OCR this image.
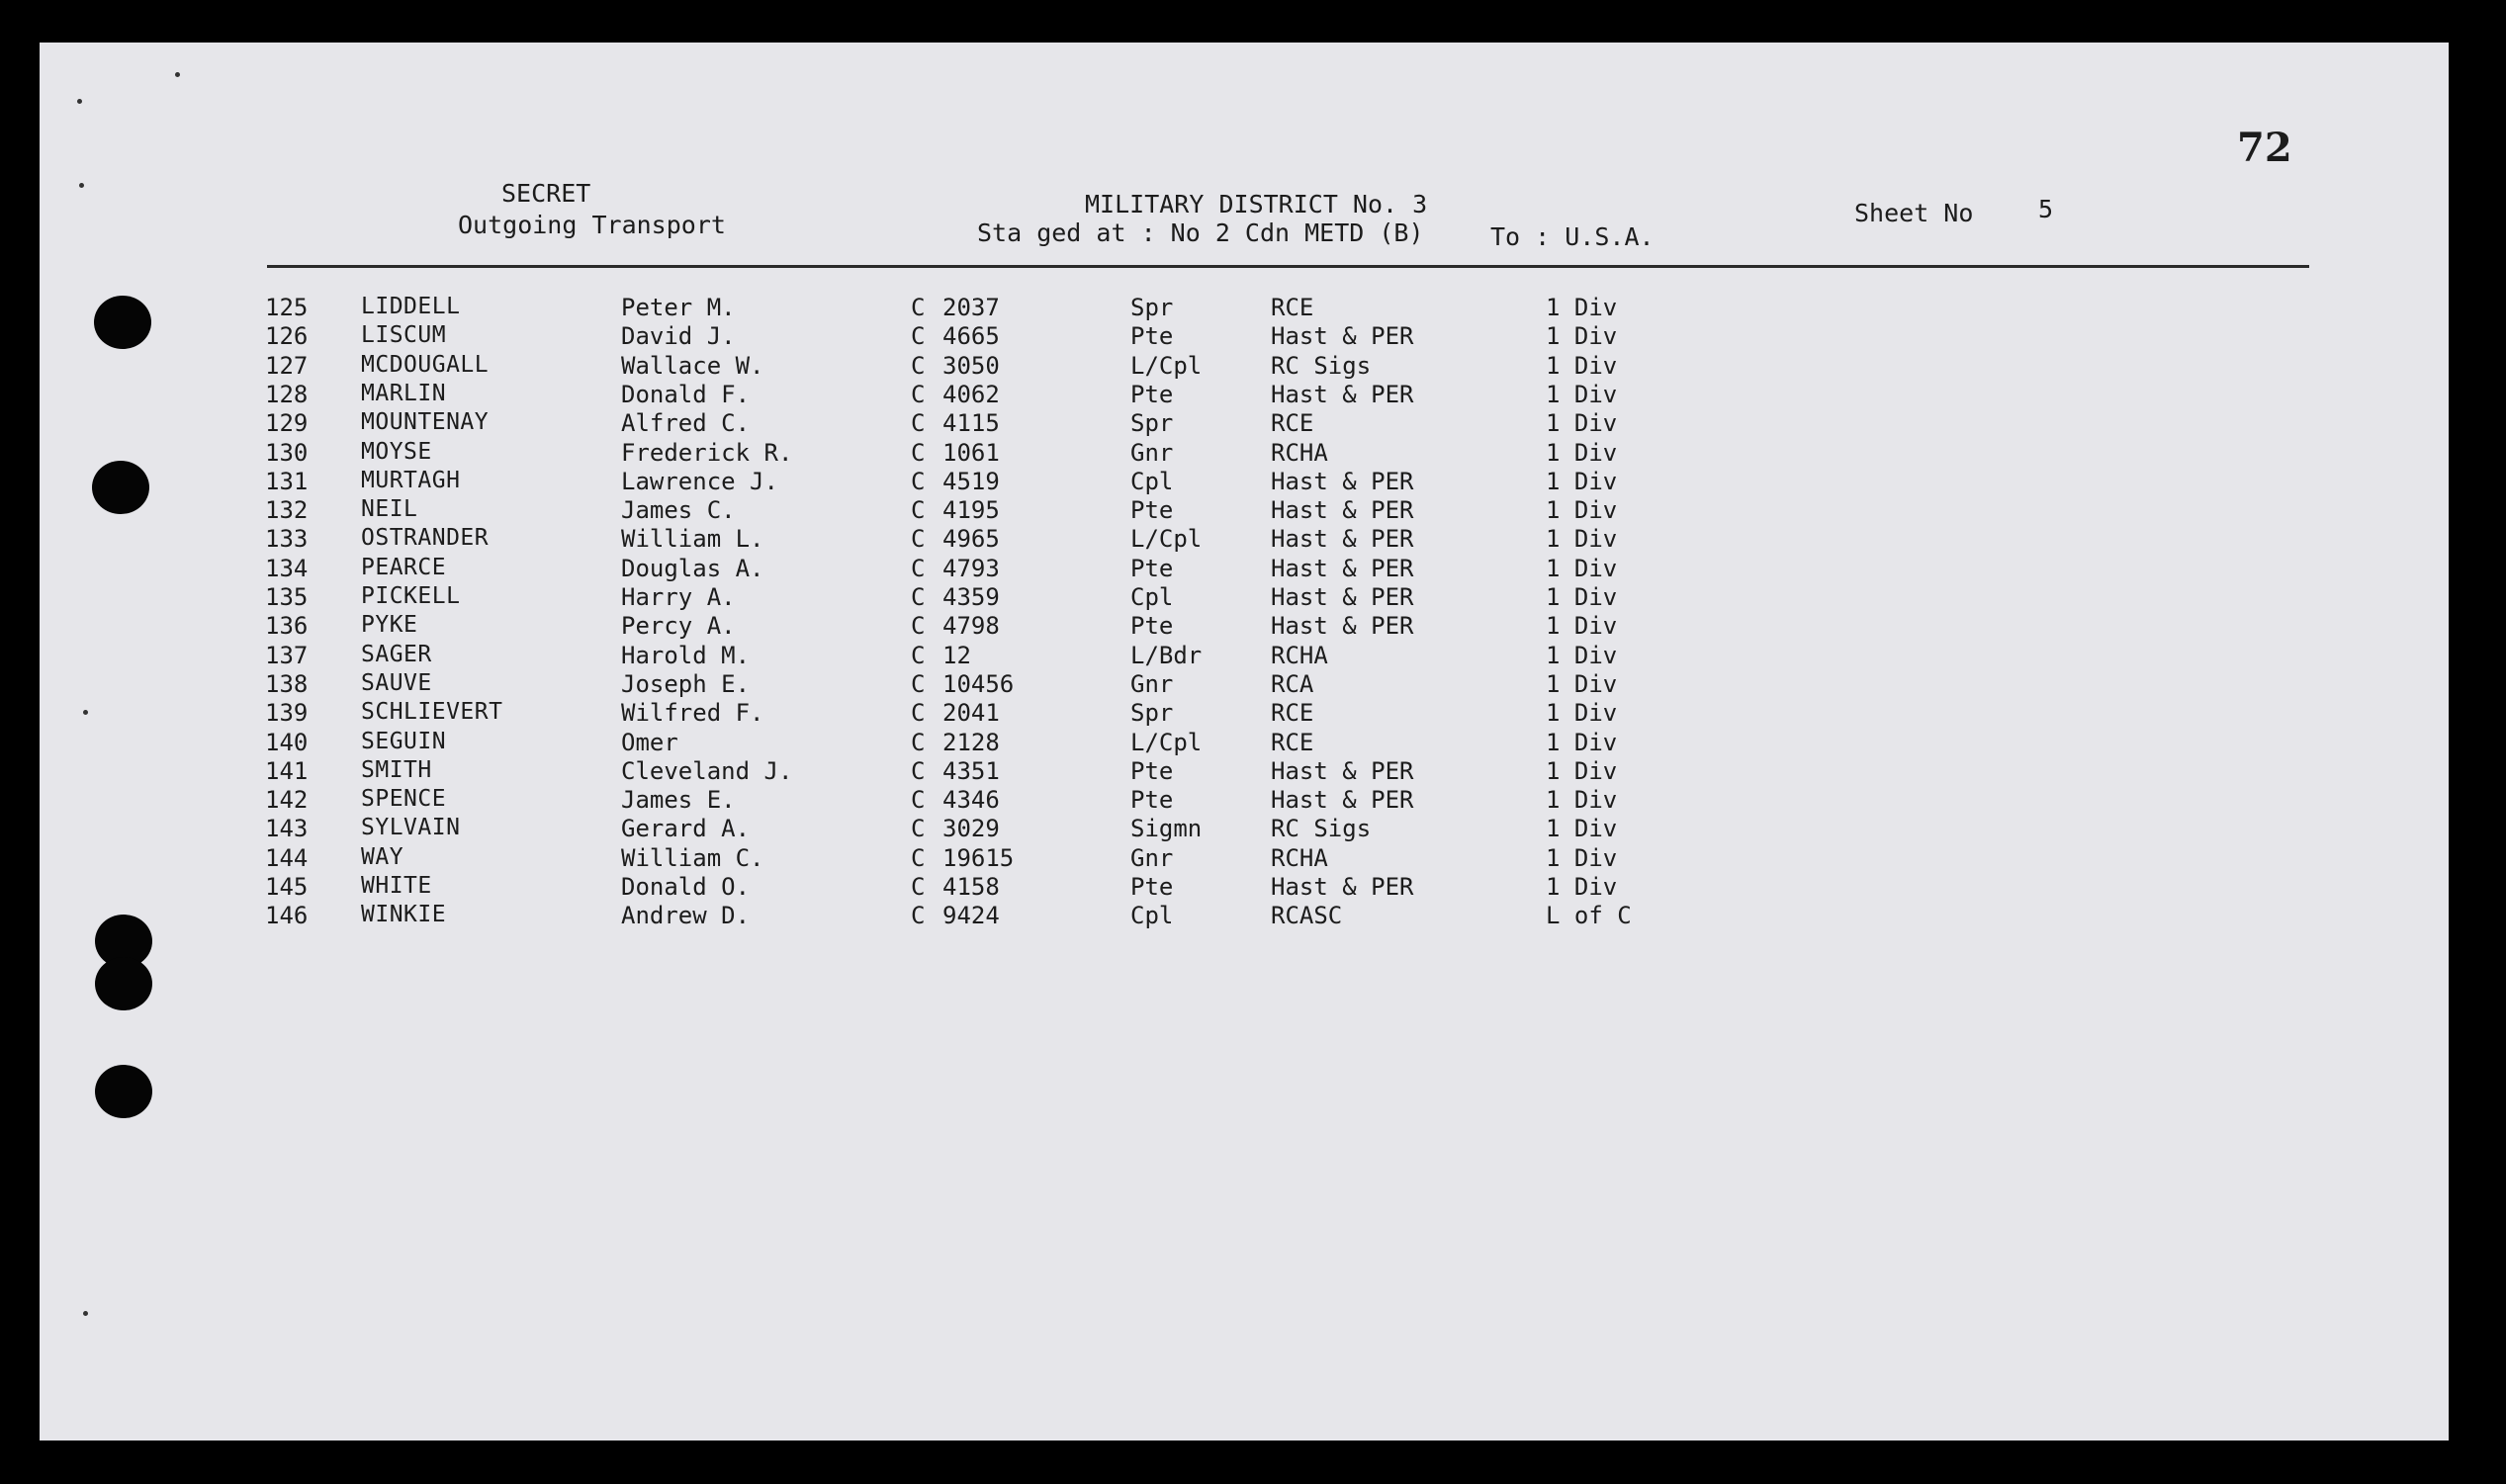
SECRET
Outgoing Transport
MILITARY DISTRICT No. 3
Sta ged at : No 2 Cdn METD (B)	To : U.S.A.
Sheet No	5
72
125 LIDDELL	Peter M.	C 2037	Spr	RCE	1 Div
126 LISCUM	David J.	C 4665	Pte	Hast & PER	1 Div
127 MCDOUGALL	Wallace W.	C 3050	L/Cpl	RC Sigs	1 Div
128 MARLIN	Donald F.	C 4062	Pte	Hast & PER	1 Div
129 MOUNTENAY	Alfred C.	C 4115	Spr	RCE	1 Div
130 MOYSE	Frederick R.	C 1061	Gnr	RCHA	1 Div
131 MURTAGH	Lawrence J.	C 4519	Cpl	Hast & PER	1 Div
132 NEIL	James C.	C 4195	Pte	Hast & PER	1 Div
133 OSTRANDER	William L.	C 4965	L/Cpl	Hast & PER	1 Div
134 PEARCE	Douglas A.	C 4793	Pte	Hast & PER	1 Div
135 PICKELL	Harry A.	C 4359	Cpl	Hast & PER	1 Div
136 PYKE	Percy A.	C 4798	Pte	Hast & PER	1 Div
137 SAGER	Harold M.	C 12	L/Bdr	RCHA	1 Div
138 SAUVE	Joseph E.	C 10456	Gnr	RCA	1 Div
139 SCHLIEVERT	Wilfred F.	C 2041	Spr	RCE	1 Div
140 SEGUIN	Omer	C 2128	L/Cpl	RCE	1 Div
141 SMITH	Cleveland J.	C 4351	Pte	Hast & PER	1 Div
142 SPENCE	James E.	C 4346	Pte	Hast & PER	1 Div
143 SYLVAIN	Gerard A.	C 3029	Sigmn	RC Sigs	1 Div
144 WAY	William C.	C 19615	Gnr	RCHA	1 Div
145 WHITE	Donald O.	C 4158	Pte	Hast & PER	1 Div
146 WINKIE	Andrew D.	C 9424	Cpl	RCASC	L of C
